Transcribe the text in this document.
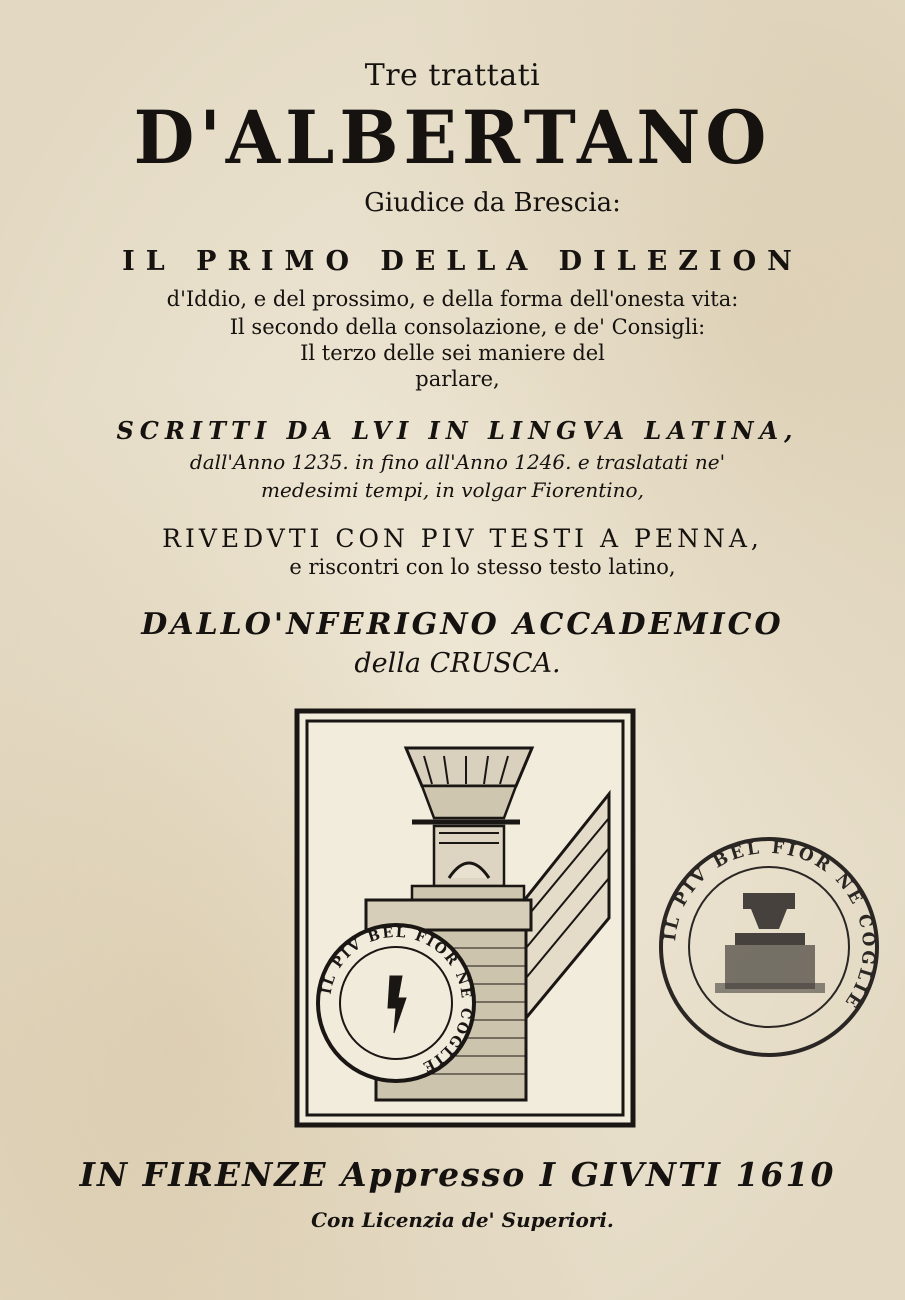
Tre trattati
D'ALBERTANO
Giudice da Brescia:
IL PRIMO DELLA DILEZION
d'Iddio, e del prossimo, e della forma dell'onesta vita:
Il secondo della consolazione, e de' Consigli:
Il terzo delle sei maniere del
parlare,
SCRITTI DA LVI IN LINGVA LATINA,
dall'Anno 1235. in fino all'Anno 1246. e traslatati ne'
medesimi tempi, in volgar Fiorentino,
RIVEDVTI CON PIV TESTI A PENNA,
e riscontri con lo stesso testo latino,
DALLO'NFERIGNO ACCADEMICO
della CRUSCA.
IL PIV BEL FIOR NE COGLIE
IL PIV BEL FIOR NE COGLIE
IN FIRENZE Appresso I GIVNTI 1610
Con Licenzia de' Superiori.
